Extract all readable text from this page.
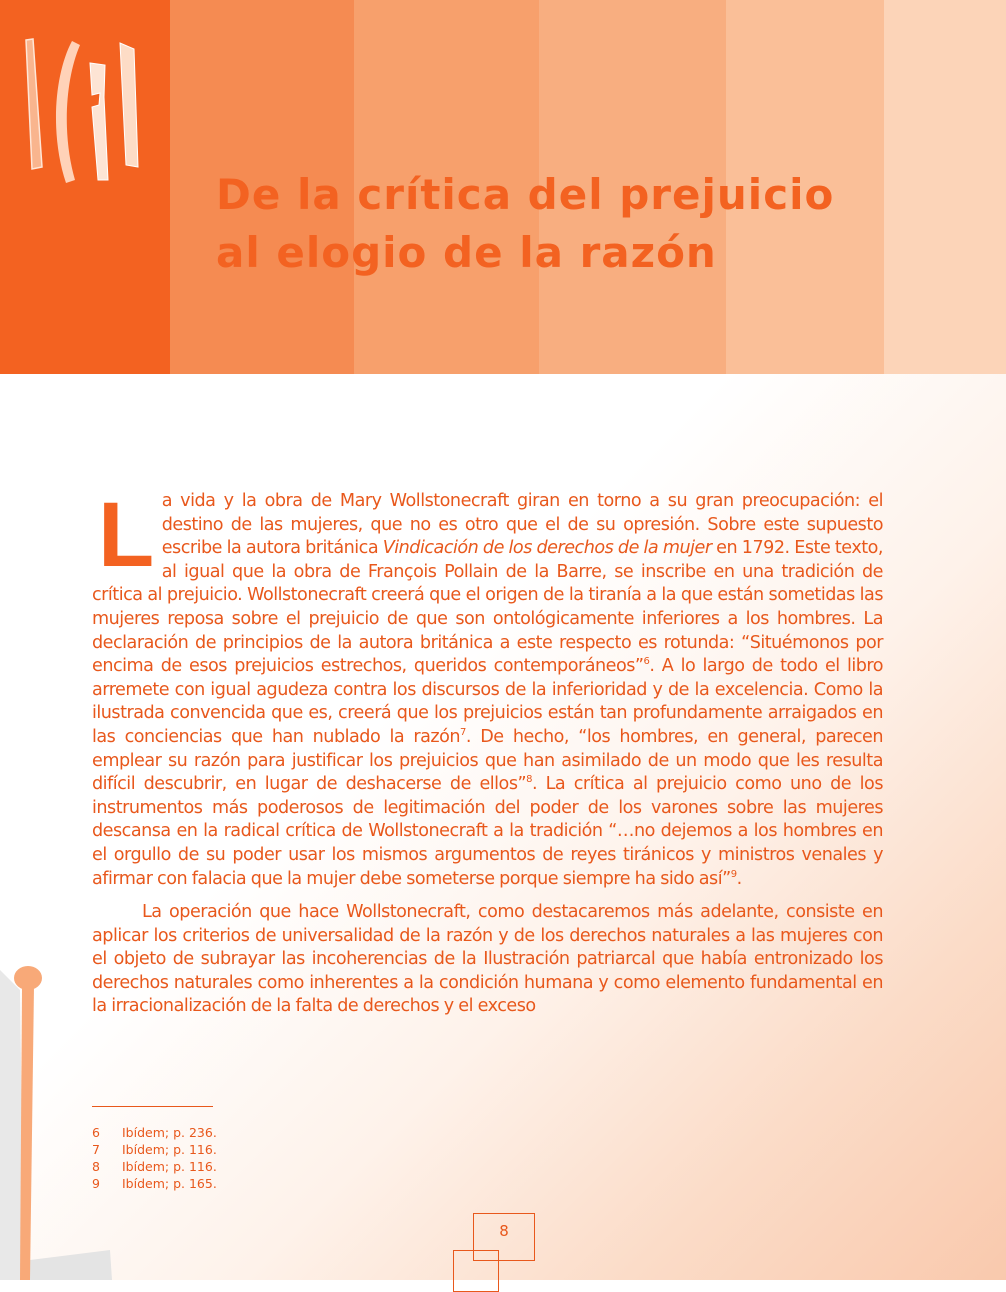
De la crítica del prejuicio
al elogio de la razón

La vida y la obra de Mary Wollstonecraft giran en torno a su gran preocupación: el destino de las mujeres, que no es otro que el de su opresión. Sobre este supuesto escribe la autora británica Vindicación de los derechos de la mujer en 1792. Este texto, al igual que la obra de François Pollain de la Barre, se inscribe en una tradición de crítica al prejuicio. Wollstonecraft creerá que el origen de la tiranía a la que están sometidas las mujeres reposa sobre el prejuicio de que son ontológicamente inferiores a los hombres. La declaración de principios de la autora británica a este respecto es rotunda: “Situémonos por encima de esos prejuicios estrechos, queridos contemporáneos”$^6$. A lo largo de todo el libro arremete con igual agudeza contra los discursos de la inferioridad y de la excelencia. Como la ilustrada convencida que es, creerá que los prejuicios están tan profundamente arraigados en las conciencias que han nublado la razón$^7$. De hecho, “los hombres, en general, parecen emplear su razón para justificar los prejuicios que han asimilado de un modo que les resulta difícil descubrir, en lugar de deshacerse de ellos”$^8$. La crítica al prejuicio como uno de los instrumentos más poderosos de legitimación del poder de los varones sobre las mujeres descansa en la radical crítica de Wollstonecraft a la tradición “…no dejemos a los hombres en el orgullo de su poder usar los mismos argumentos de reyes tiránicos y ministros venales y afirmar con falacia que la mujer debe someterse porque siempre ha sido así”$^9$.

La operación que hace Wollstonecraft, como destacaremos más adelante, consiste en aplicar los criterios de universalidad de la razón y de los derechos naturales a las mujeres con el objeto de subrayar las incoherencias de la Ilustración patriarcal que había entronizado los derechos naturales como inherentes a la condición humana y como elemento fundamental en la irracionalización de la falta de derechos y el exceso

6	Ibídem; p. 236.
7	Ibídem; p. 116.
8	Ibídem; p. 116.
9	Ibídem; p. 165.
8
